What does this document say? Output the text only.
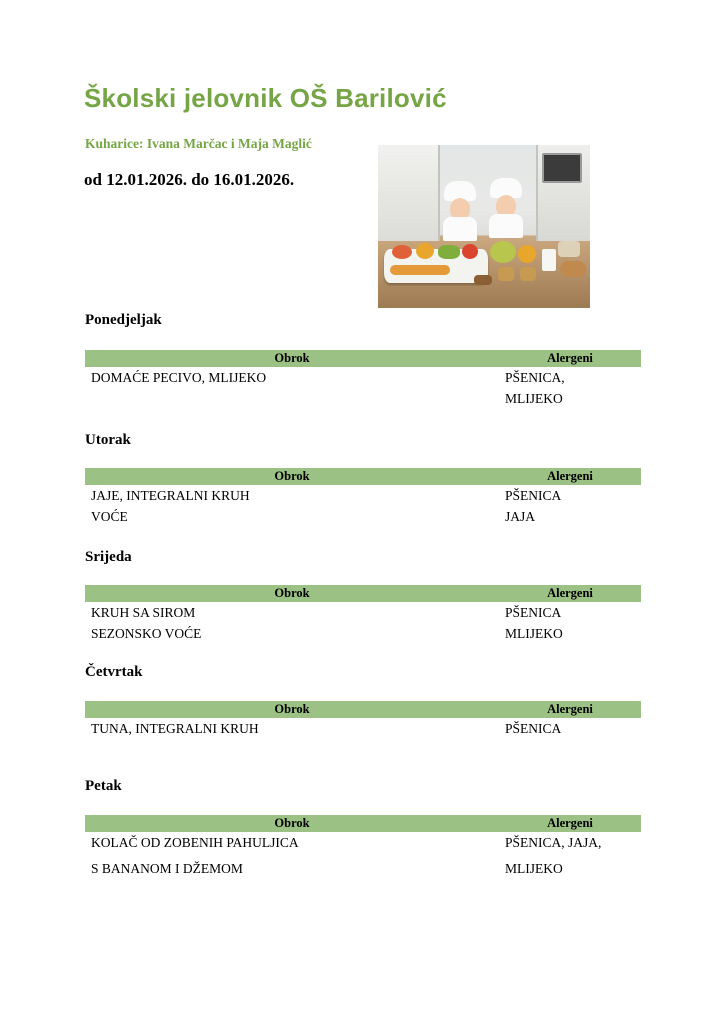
Školski jelovnik OŠ Barilović
Kuharice: Ivana Marčac i Maja Maglić
od 12.01.2026. do 16.01.2026.
Ponedjeljak
Obrok	Alergeni
DOMAĆE PECIVO, MLIJEKO	PŠENICA,
	MLIJEKO
Utorak
Obrok	Alergeni
JAJE, INTEGRALNI KRUH	PŠENICA
VOĆE	JAJA
Srijeda
Obrok	Alergeni
KRUH SA SIROM	PŠENICA
SEZONSKO VOĆE	MLIJEKO
Četvrtak
Obrok	Alergeni
TUNA, INTEGRALNI KRUH	PŠENICA
Petak
Obrok	Alergeni
KOLAČ OD ZOBENIH PAHULJICA	PŠENICA, JAJA,
S BANANOM I DŽEMOM	MLIJEKO
